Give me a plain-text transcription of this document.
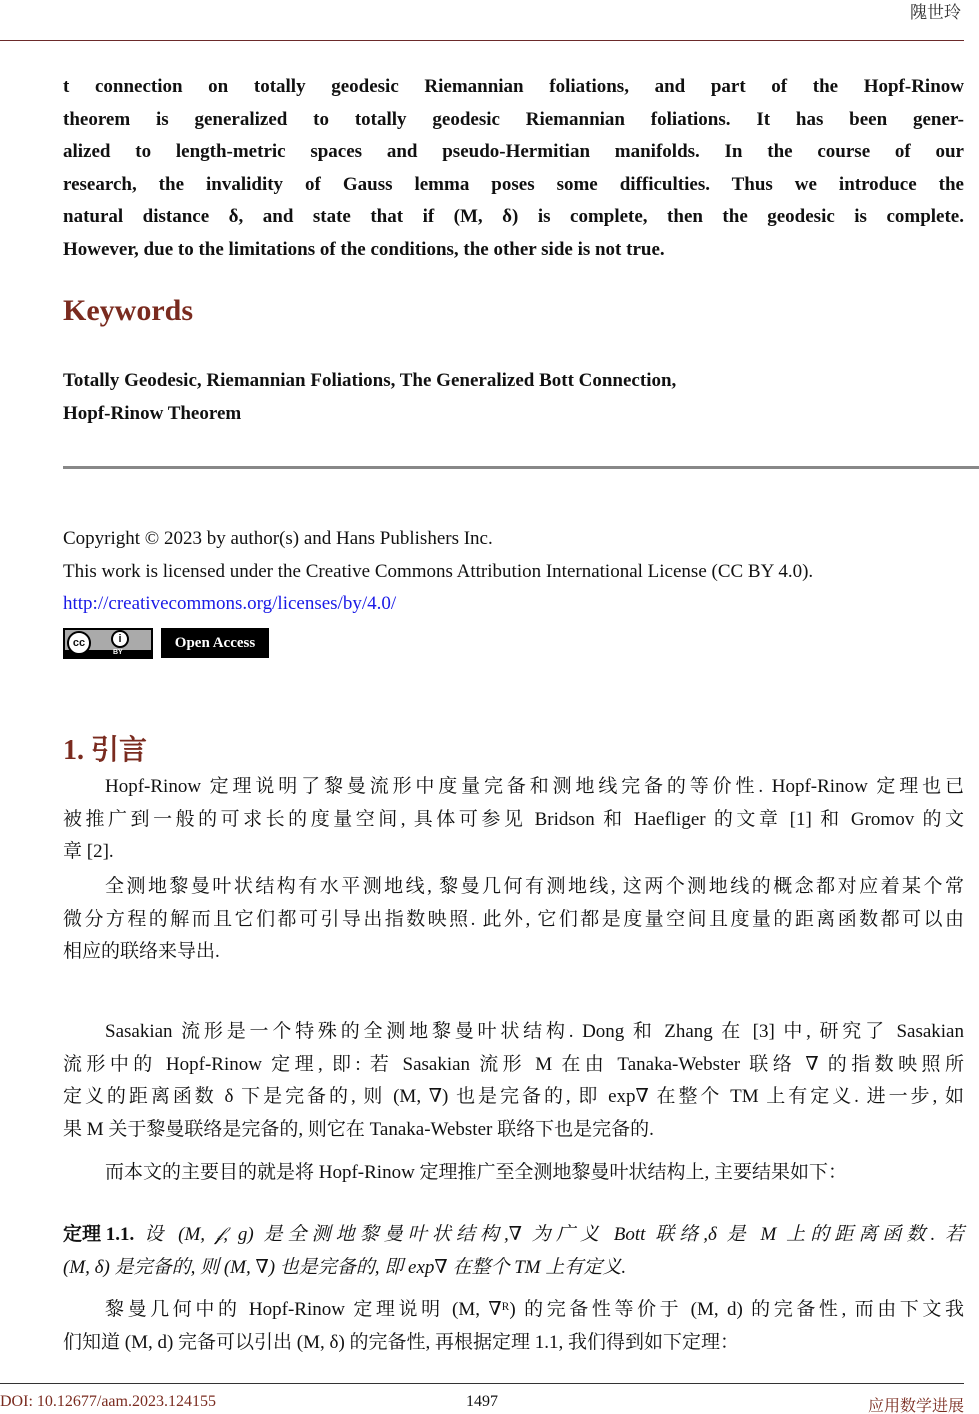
隗世玲
t connection on totally geodesic Riemannian foliations, and part of the Hopf-Rinow
theorem is generalized to totally geodesic Riemannian foliations. It has been gener-
alized to length-metric spaces and pseudo-Hermitian manifolds. In the course of our
research, the invalidity of Gauss lemma poses some difficulties. Thus we introduce the
natural distance δ, and state that if (M, δ) is complete, then the geodesic is complete.
However, due to the limitations of the conditions, the other side is not true.
Keywords
Totally Geodesic, Riemannian Foliations, The Generalized Bott Connection,
Hopf-Rinow Theorem
Copyright © 2023 by author(s) and Hans Publishers Inc.
This work is licensed under the Creative Commons Attribution International License (CC BY 4.0).
http://creativecommons.org/licenses/by/4.0/
cc	i
BY
Open Access
1. 引言
Hopf-Rinow 定理说明了黎曼流形中度量完备和测地线完备的等价性. Hopf-Rinow 定理也已
被推广到一般的可求长的度量空间, 具体可参见 Bridson 和 Haefliger 的文章 [1] 和 Gromov 的文
章 [2].
全测地黎曼叶状结构有水平测地线, 黎曼几何有测地线, 这两个测地线的概念都对应着某个常
微分方程的解而且它们都可引导出指数映照. 此外, 它们都是度量空间且度量的距离函数都可以由
相应的联络来导出.
Sasakian 流形是一个特殊的全测地黎曼叶状结构. Dong 和 Zhang 在 [3] 中, 研究了 Sasakian
流形中的 Hopf-Rinow 定理, 即: 若 Sasakian 流形 M 在由 Tanaka-Webster 联络 ∇ 的指数映照所
定义的距离函数 δ 下是完备的, 则 (M, ∇) 也是完备的, 即 exp∇ 在整个 TM 上有定义. 进一步, 如
果 M 关于黎曼联络是完备的, 则它在 Tanaka-Webster 联络下也是完备的.
而本文的主要目的就是将 Hopf-Rinow 定理推广至全测地黎曼叶状结构上, 主要结果如下：
定理 1.1. 设 (M, 𝒻, g) 是全测地黎曼叶状结构,∇ 为广义 Bott 联络,δ 是 M 上的距离函数. 若
(M, δ) 是完备的, 则 (M, ∇) 也是完备的, 即 exp∇ 在整个 TM 上有定义.
黎曼几何中的 Hopf-Rinow 定理说明 (M, ∇ᴿ) 的完备性等价于 (M, d) 的完备性, 而由下文我
们知道 (M, d) 完备可以引出 (M, δ) 的完备性, 再根据定理 1.1, 我们得到如下定理：
DOI: 10.12677/aam.2023.124155	1497	应用数学进展
